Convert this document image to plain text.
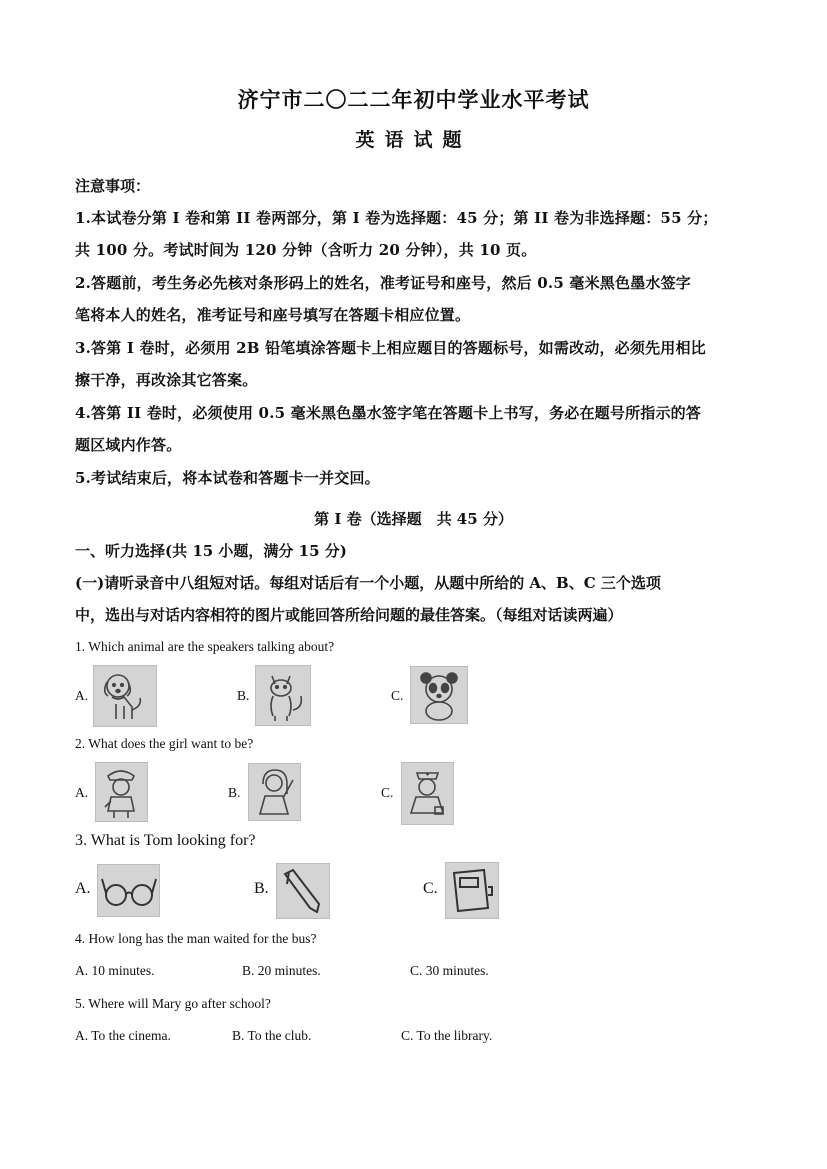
济宁市二〇二二年初中学业水平考试
英语试题
注意事项：
1.本试卷分第 I 卷和第 II 卷两部分，第 I 卷为选择题：45 分；第 II 卷为非选择题：55 分；
共 100 分。考试时间为 120 分钟（含听力 20 分钟），共 10 页。
2.答题前，考生务必先核对条形码上的姓名，准考证号和座号，然后 0.5 毫米黑色墨水签字
笔将本人的姓名，准考证号和座号填写在答题卡相应位置。
3.答第 I 卷时，必须用 2B 铅笔填涂答题卡上相应题目的答题标号，如需改动，必须先用相比
擦干净，再改涂其它答案。
4.答第 II 卷时，必须使用 0.5 毫米黑色墨水签字笔在答题卡上书写，务必在题号所指示的答
题区域内作答。
5.考试结束后，将本试卷和答题卡一并交回。
第 I 卷（选择题　共 45 分）
一、听力选择(共 15 小题，满分 15 分)
(一)请听录音中八组短对话。每组对话后有一个小题，从题中所给的 A、B、C 三个选项
中，选出与对话内容相符的图片或能回答所给问题的最佳答案。（每组对话读两遍）
1. Which animal are the speakers talking about?
A.	B.	C.
2. What does the girl want to be?
A.	B.	C.
3. What is Tom looking for?
A.	B.	C.
4. How long has the man waited for the bus?
A. 10 minutes.	B. 20 minutes.	C. 30 minutes.
5. Where will Mary go after school?
A. To the cinema.	B. To the club.	C. To the library.
